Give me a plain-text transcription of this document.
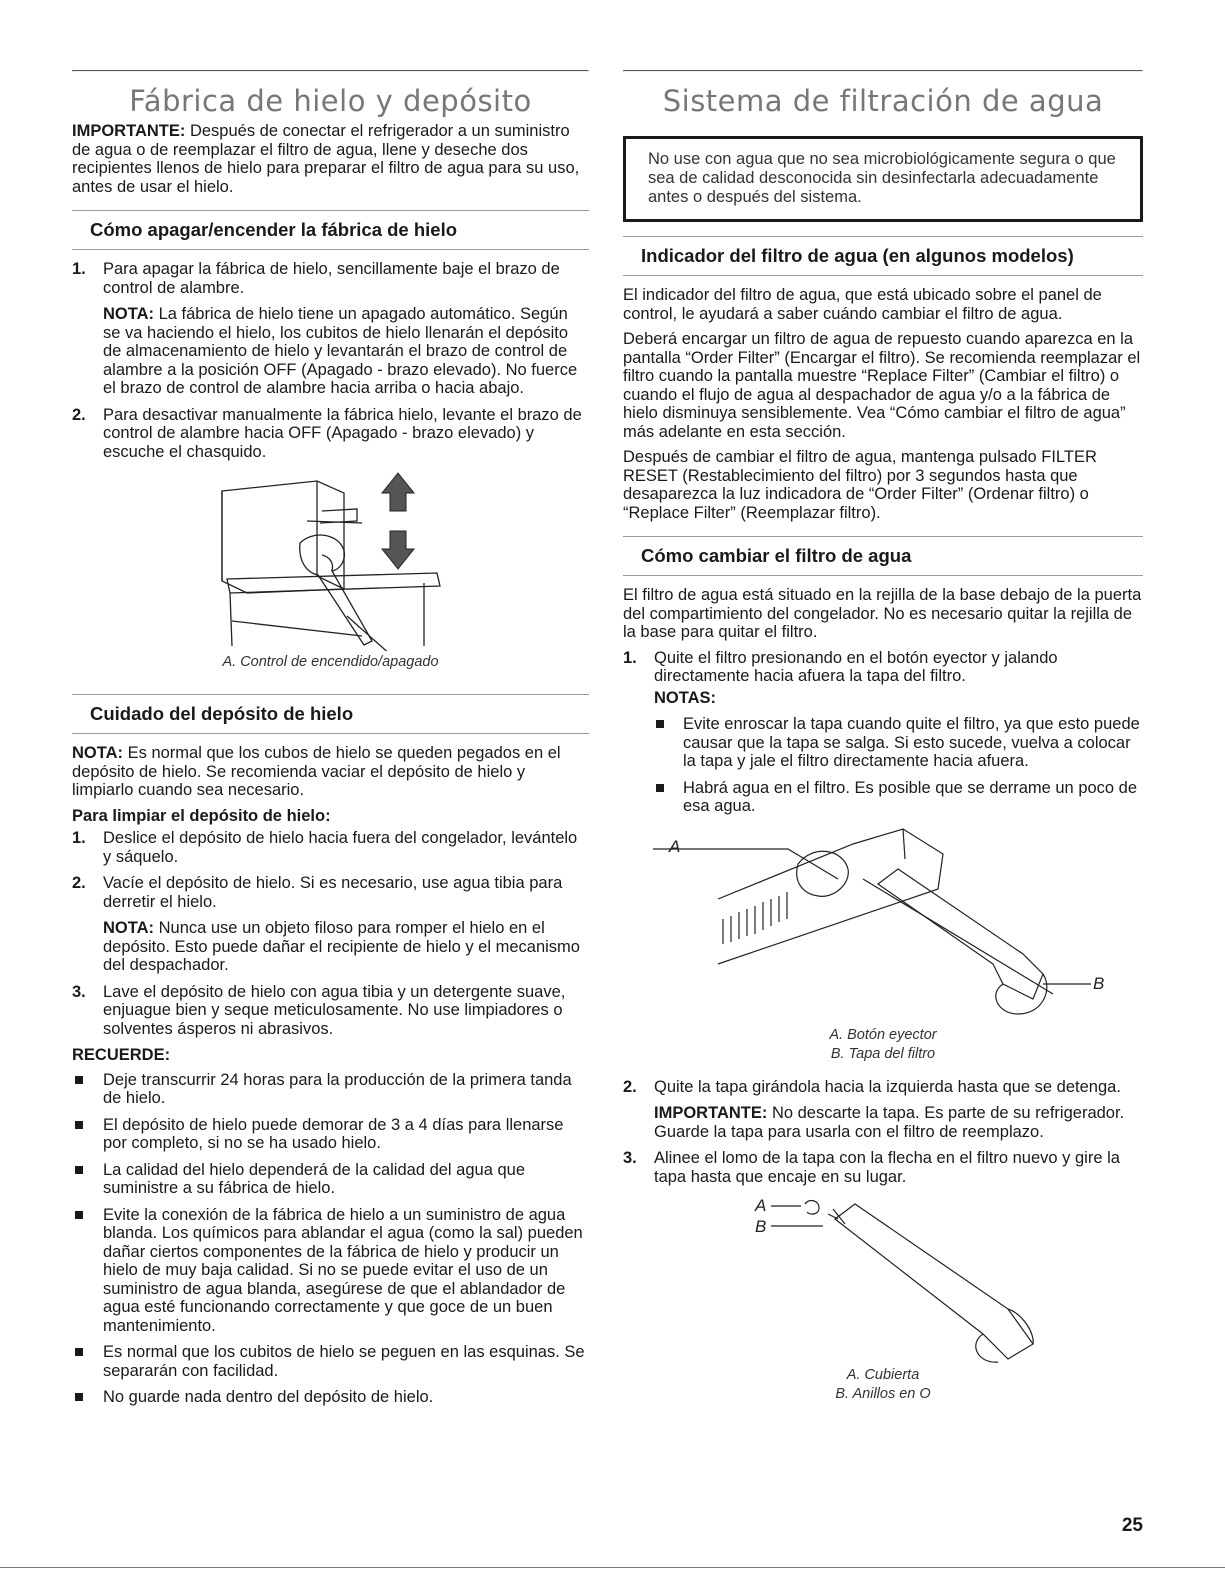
Fábrica de hielo y depósito

IMPORTANTE: Después de conectar el refrigerador a un suministro de agua o de reemplazar el filtro de agua, llene y deseche dos recipientes llenos de hielo para preparar el filtro de agua para su uso, antes de usar el hielo.

Cómo apagar/encender la fábrica de hielo
1. Para apagar la fábrica de hielo, sencillamente baje el brazo de control de alambre.
NOTA: La fábrica de hielo tiene un apagado automático. Según se va haciendo el hielo, los cubitos de hielo llenarán el depósito de almacenamiento de hielo y levantarán el brazo de control de alambre a la posición OFF (Apagado - brazo elevado). No fuerce el brazo de control de alambre hacia arriba o hacia abajo.
2. Para desactivar manualmente la fábrica hielo, levante el brazo de control de alambre hacia OFF (Apagado - brazo elevado) y escuche el chasquido.
A. Control de encendido/apagado
Cuidado del depósito de hielo

NOTA: Es normal que los cubos de hielo se queden pegados en el depósito de hielo. Se recomienda vaciar el depósito de hielo y limpiarlo cuando sea necesario.

Para limpiar el depósito de hielo:

1. Deslice el depósito de hielo hacia fuera del congelador, levántelo y sáquelo.
2. Vacíe el depósito de hielo. Si es necesario, use agua tibia para derretir el hielo.
NOTA: Nunca use un objeto filoso para romper el hielo en el depósito. Esto puede dañar el recipiente de hielo y el mecanismo del despachador.
3. Lave el depósito de hielo con agua tibia y un detergente suave, enjuague bien y seque meticulosamente. No use limpiadores o solventes ásperos ni abrasivos.

RECUERDE:

Deje transcurrir 24 horas para la producción de la primera tanda de hielo.
El depósito de hielo puede demorar de 3 a 4 días para llenarse por completo, si no se ha usado hielo.
La calidad del hielo dependerá de la calidad del agua que suministre a su fábrica de hielo.
Evite la conexión de la fábrica de hielo a un suministro de agua blanda. Los químicos para ablandar el agua (como la sal) pueden dañar ciertos componentes de la fábrica de hielo y producir un hielo de muy baja calidad. Si no se puede evitar el uso de un suministro de agua blanda, asegúrese de que el ablandador de agua esté funcionando correctamente y que goce de un buen mantenimiento.
Es normal que los cubitos de hielo se peguen en las esquinas. Se separarán con facilidad.
No guarde nada dentro del depósito de hielo.
Sistema de filtración de agua
No use con agua que no sea microbiológicamente segura o que sea de calidad desconocida sin desinfectarla adecuadamente antes o después del sistema.
Indicador del filtro de agua (en algunos modelos)

El indicador del filtro de agua, que está ubicado sobre el panel de control, le ayudará a saber cuándo cambiar el filtro de agua.

Deberá encargar un filtro de agua de repuesto cuando aparezca en la pantalla “Order Filter” (Encargar el filtro). Se recomienda reemplazar el filtro cuando la pantalla muestre “Replace Filter” (Cambiar el filtro) o cuando el flujo de agua al despachador de agua y/o a la fábrica de hielo disminuya sensiblemente. Vea “Cómo cambiar el filtro de agua” más adelante en esta sección.

Después de cambiar el filtro de agua, mantenga pulsado FILTER RESET (Restablecimiento del filtro) por 3 segundos hasta que desaparezca la luz indicadora de “Order Filter” (Ordenar filtro) o “Replace Filter” (Reemplazar filtro).

Cómo cambiar el filtro de agua

El filtro de agua está situado en la rejilla de la base debajo de la puerta del compartimiento del congelador. No es necesario quitar la rejilla de la base para quitar el filtro.

1. Quite el filtro presionando en el botón eyector y jalando directamente hacia afuera la tapa del filtro.
NOTAS:
Evite enroscar la tapa cuando quite el filtro, ya que esto puede causar que la tapa se salga. Si esto sucede, vuelva a colocar la tapa y jale el filtro directamente hacia afuera.
Habrá agua en el filtro. Es posible que se derrame un poco de esa agua.
A
B
A. Botón eyector
B. Tapa del filtro
2. Quite la tapa girándola hacia la izquierda hasta que se detenga.
IMPORTANTE: No descarte la tapa. Es parte de su refrigerador. Guarde la tapa para usarla con el filtro de reemplazo.
3. Alinee el lomo de la tapa con la flecha en el filtro nuevo y gire la tapa hasta que encaje en su lugar.
A
B
A. Cubierta
B. Anillos en O
25
